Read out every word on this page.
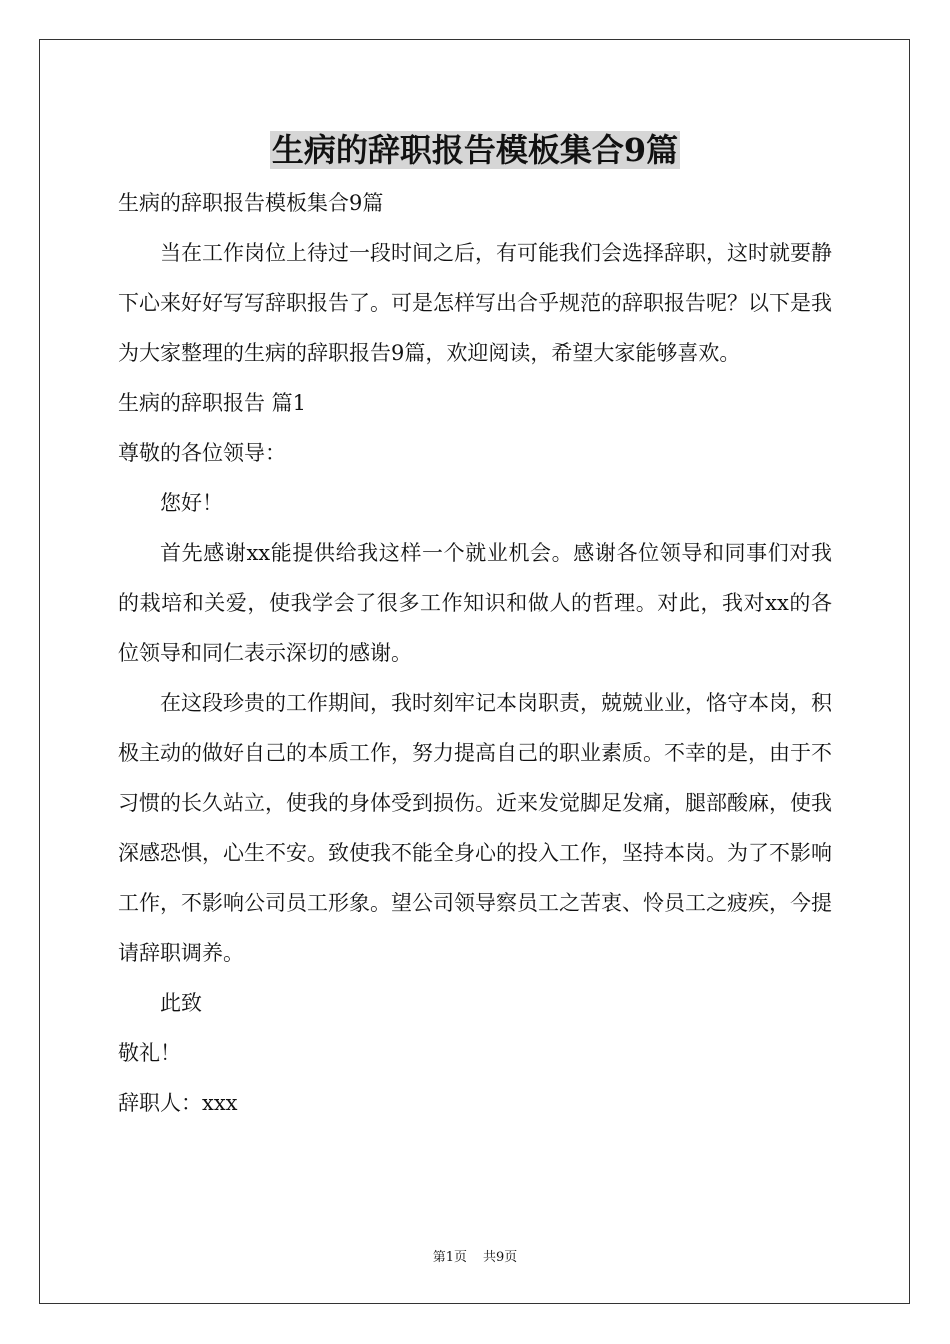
生病的辞职报告模板集合9篇

生病的辞职报告模板集合9篇

当在工作岗位上待过一段时间之后，有可能我们会选择辞职，这时就要静下心来好好写写辞职报告了。可是怎样写出合乎规范的辞职报告呢？以下是我为大家整理的生病的辞职报告9篇，欢迎阅读，希望大家能够喜欢。

生病的辞职报告 篇1

尊敬的各位领导：

您好！

首先感谢xx能提供给我这样一个就业机会。感谢各位领导和同事们对我的栽培和关爱，使我学会了很多工作知识和做人的哲理。对此，我对xx的各位领导和同仁表示深切的感谢。

在这段珍贵的工作期间，我时刻牢记本岗职责，兢兢业业，恪守本岗，积极主动的做好自己的本质工作，努力提高自己的职业素质。不幸的是，由于不习惯的长久站立，使我的身体受到损伤。近来发觉脚足发痛，腿部酸麻，使我深感恐惧，心生不安。致使我不能全身心的投入工作，坚持本岗。为了不影响工作，不影响公司员工形象。望公司领导察员工之苦衷、怜员工之疲疾，今提请辞职调养。

此致

敬礼！

辞职人：xxx

第1页 共9页
